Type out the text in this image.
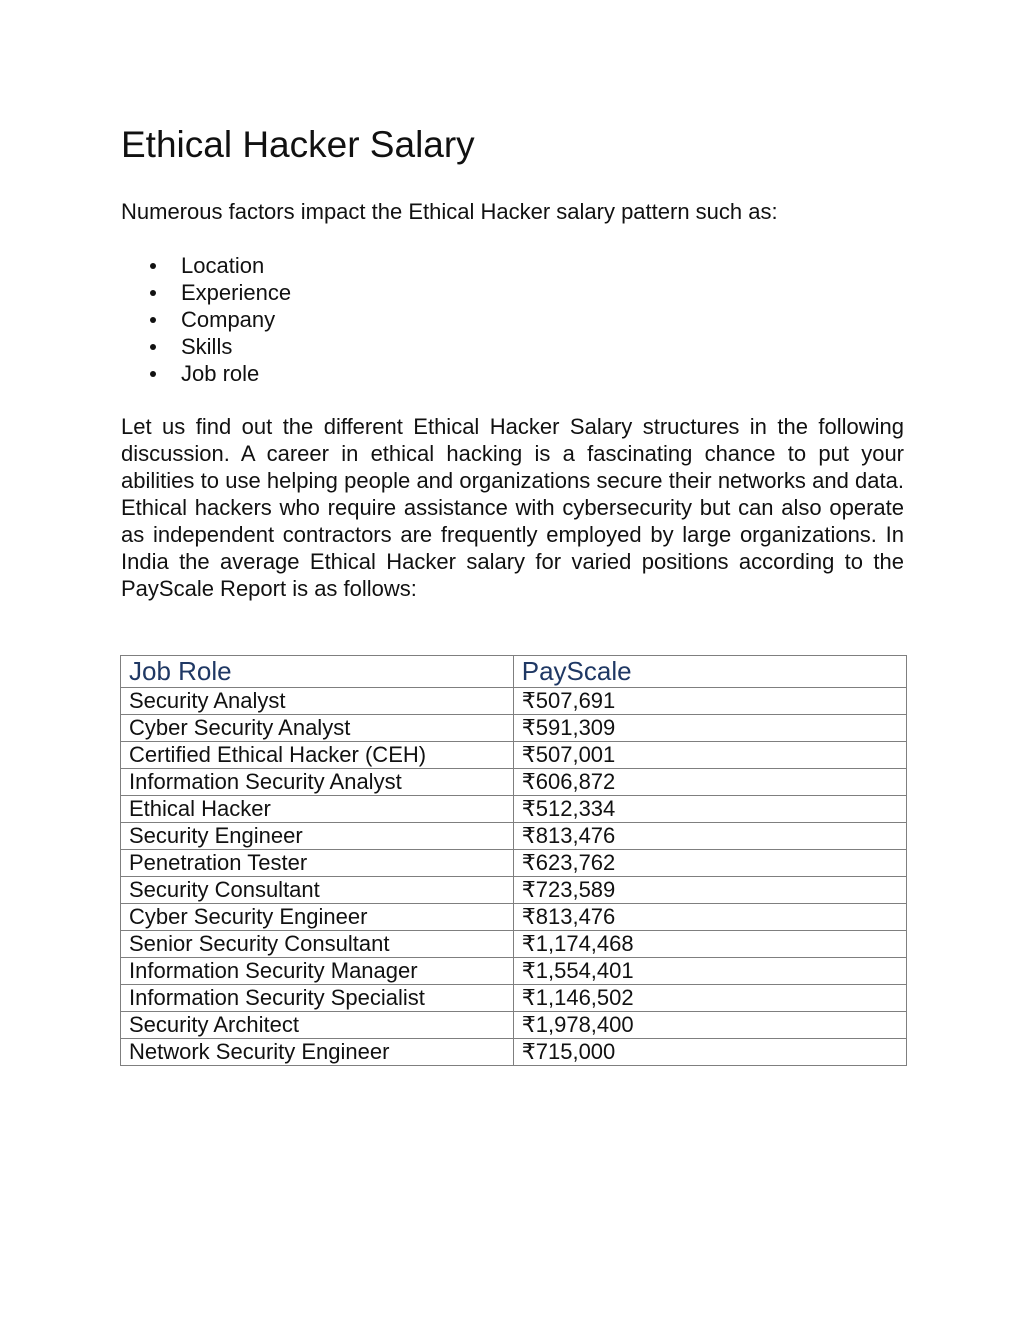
Ethical Hacker Salary

Numerous factors impact the Ethical Hacker salary pattern such as:

Location
Experience
Company
Skills
Job role

Let us find out the different Ethical Hacker Salary structures in the following discussion. A career in ethical hacking is a fascinating chance to put your abilities to use helping people and organizations secure their networks and data. Ethical hackers who require assistance with cybersecurity but can also operate as independent contractors are frequently employed by large organizations. In India the average Ethical Hacker salary for varied positions according to the PayScale Report is as follows:

Job Role	PayScale
Security Analyst	₹507,691
Cyber Security Analyst	₹591,309
Certified Ethical Hacker (CEH)	₹507,001
Information Security Analyst	₹606,872
Ethical Hacker	₹512,334
Security Engineer	₹813,476
Penetration Tester	₹623,762
Security Consultant	₹723,589
Cyber Security Engineer	₹813,476
Senior Security Consultant	₹1,174,468
Information Security Manager	₹1,554,401
Information Security Specialist	₹1,146,502
Security Architect	₹1,978,400
Network Security Engineer	₹715,000
